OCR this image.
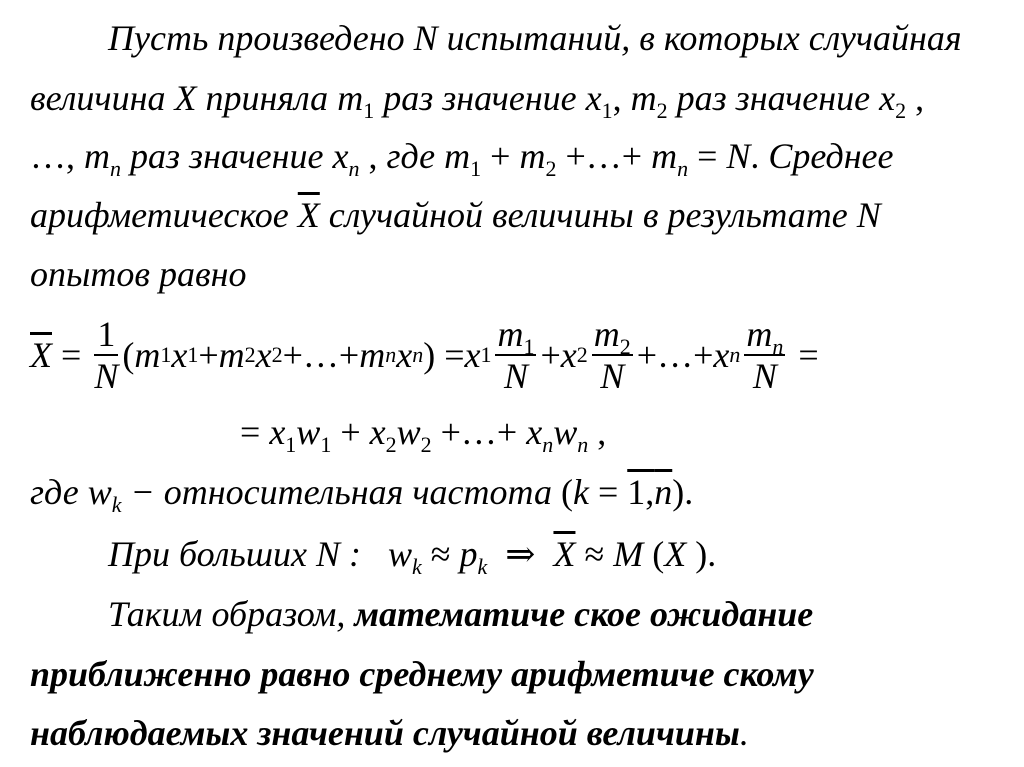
Пусть произведено N испытаний, в которых случайная
величина X приняла $m_1$ раз значение $x_1$, $m_2$ раз значение $x_2$ ,
…, $m_n$ раз значение $x_n$ , где $m_1 + m_2$ +…+ $m_n = N$. Среднее
арифметическое $\overline{X}$ случайной величины в результате N
опытов равно
$\overline{X} = \frac{1}{N}$ ( m 1 x 1 + m 2 x 2 +…+ m n x n ) = x $1 \frac{m_1}{N} + x$ $2 \frac{m_2}{N}$ +…+ x n $\frac{m_n}{N}$ =
= $x_1w_1 + x_2w_2$ +…+ $x_nw_n$ ,
где $w_k$ − относительная частота $(k = 1,\overline{n})$.
При больших N :   $w_k \approx p_k$  ⇒  $\overline{X} \approx M$ (X ).
Таким образом, математиче ское ожидание
приближенно равно среднему арифметиче скому
наблюдаемых значений случайной величины.
